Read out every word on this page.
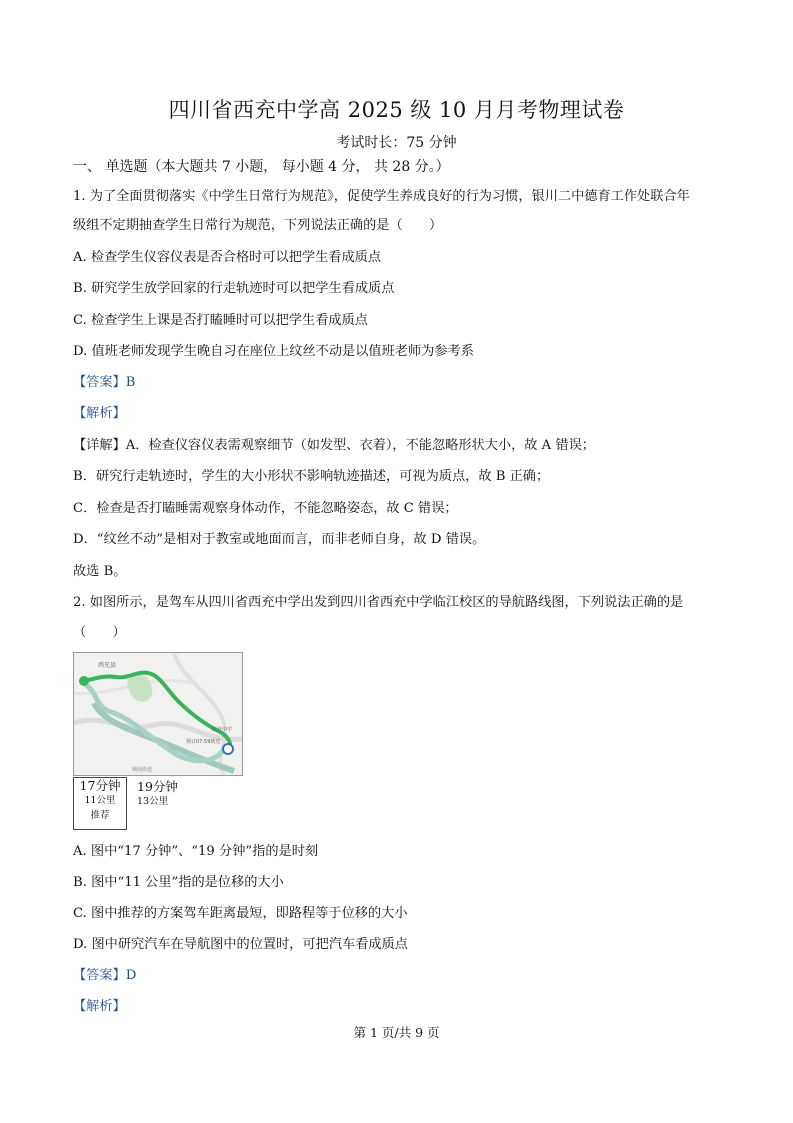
四川省西充中学高 2025 级 10 月月考物理试卷
考试时长：75 分钟
一、 单选题（本大题共 7 小题， 每小题 4 分， 共 28 分。）
1. 为了全面贯彻落实《中学生日常行为规范》，促使学生养成良好的行为习惯，银川二中德育工作处联合年
级组不定期抽查学生日常行为规范，下列说法正确的是（　　）
A. 检查学生仪容仪表是否合格时可以把学生看成质点
B. 研究学生放学回家的行走轨迹时可以把学生看成质点
C. 检查学生上课是否打瞌睡时可以把学生看成质点
D. 值班老师发现学生晚自习在座位上纹丝不动是以值班老师为参考系
【答案】B
【解析】
【详解】A．检查仪容仪表需观察细节（如发型、衣着），不能忽略形状大小，故 A 错误；
B．研究行走轨迹时，学生的大小形状不影响轨迹描述，可视为质点，故 B 正确；
C．检查是否打瞌睡需观察身体动作，不能忽略姿态，故 C 错误；
D．“纹丝不动”是相对于教室或地面而言，而非老师自身，故 D 错误。
故选 B。
2. 如图所示，是驾车从四川省西充中学出发到四川省西充中学临江校区的导航路线图，下列说法正确的是
（　　）
西充县
预计07:59到达
西充中学
城南街道
17分钟
11公里
推荐
19分钟
13公里
A. 图中“17 分钟”、“19 分钟”指的是时刻
B. 图中“11 公里”指的是位移的大小
C. 图中推荐的方案驾车距离最短，即路程等于位移的大小
D. 图中研究汽车在导航图中的位置时，可把汽车看成质点
【答案】D
【解析】
第 1 页/共 9 页
